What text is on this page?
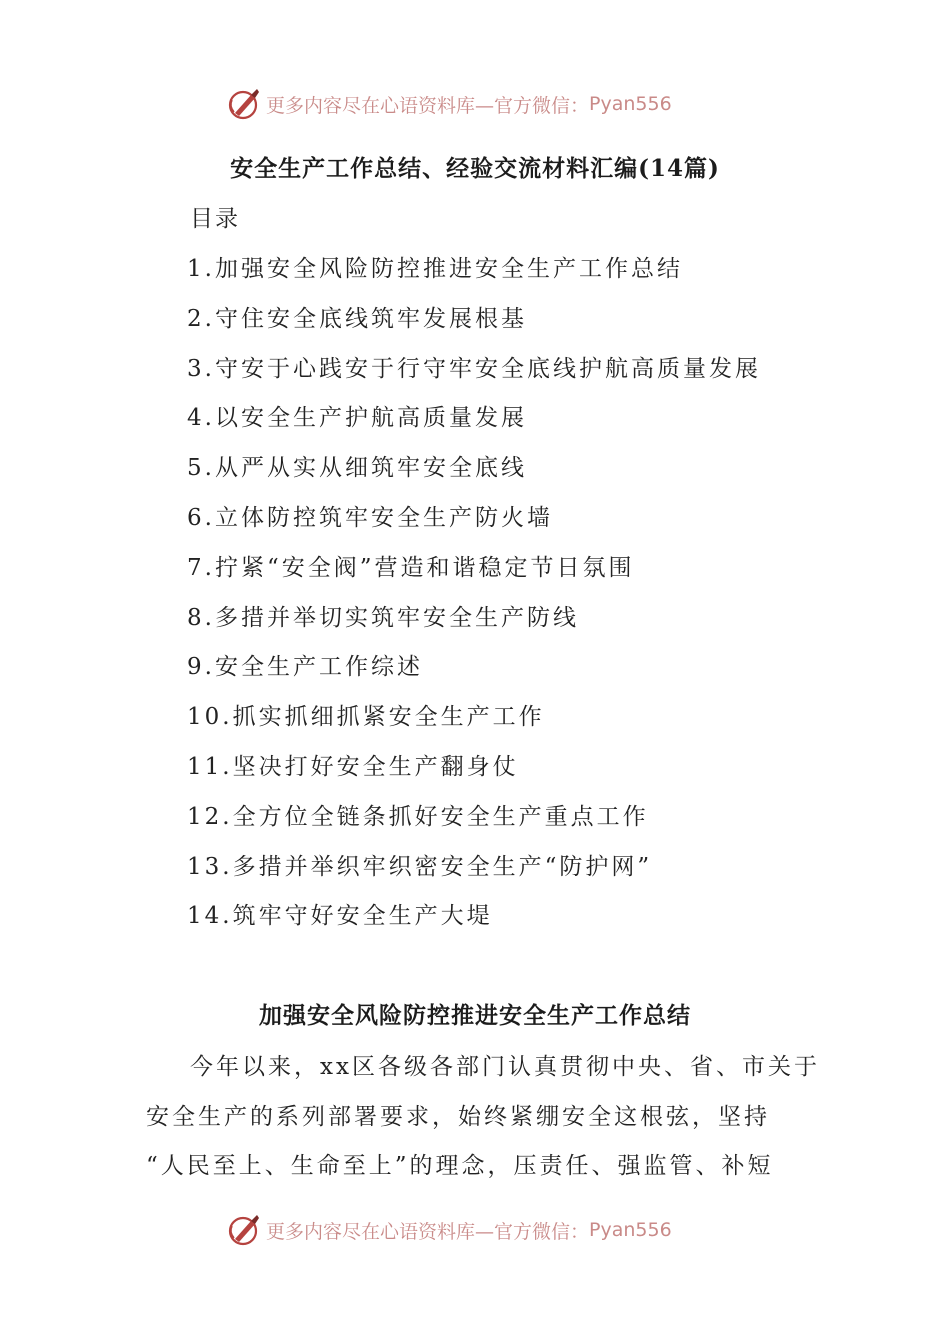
更多内容尽在心语资料库—官方微信： Pyan556
安全生产工作总结、经验交流材料汇编(14篇)
目录
1.加强安全风险防控推进安全生产工作总结
2.守住安全底线筑牢发展根基
3.守安于心践安于行守牢安全底线护航高质量发展
4.以安全生产护航高质量发展
5.从严从实从细筑牢安全底线
6.立体防控筑牢安全生产防火墙
7.拧紧“安全阀”营造和谐稳定节日氛围
8.多措并举切实筑牢安全生产防线
9.安全生产工作综述
10.抓实抓细抓紧安全生产工作
11.坚决打好安全生产翻身仗
12.全方位全链条抓好安全生产重点工作
13.多措并举织牢织密安全生产“防护网”
14.筑牢守好安全生产大堤
加强安全风险防控推进安全生产工作总结
今年以来，xx区各级各部门认真贯彻中央、省、市关于
安全生产的系列部署要求，始终紧绷安全这根弦，坚持
“人民至上、生命至上”的理念，压责任、强监管、补短
更多内容尽在心语资料库—官方微信： Pyan556
